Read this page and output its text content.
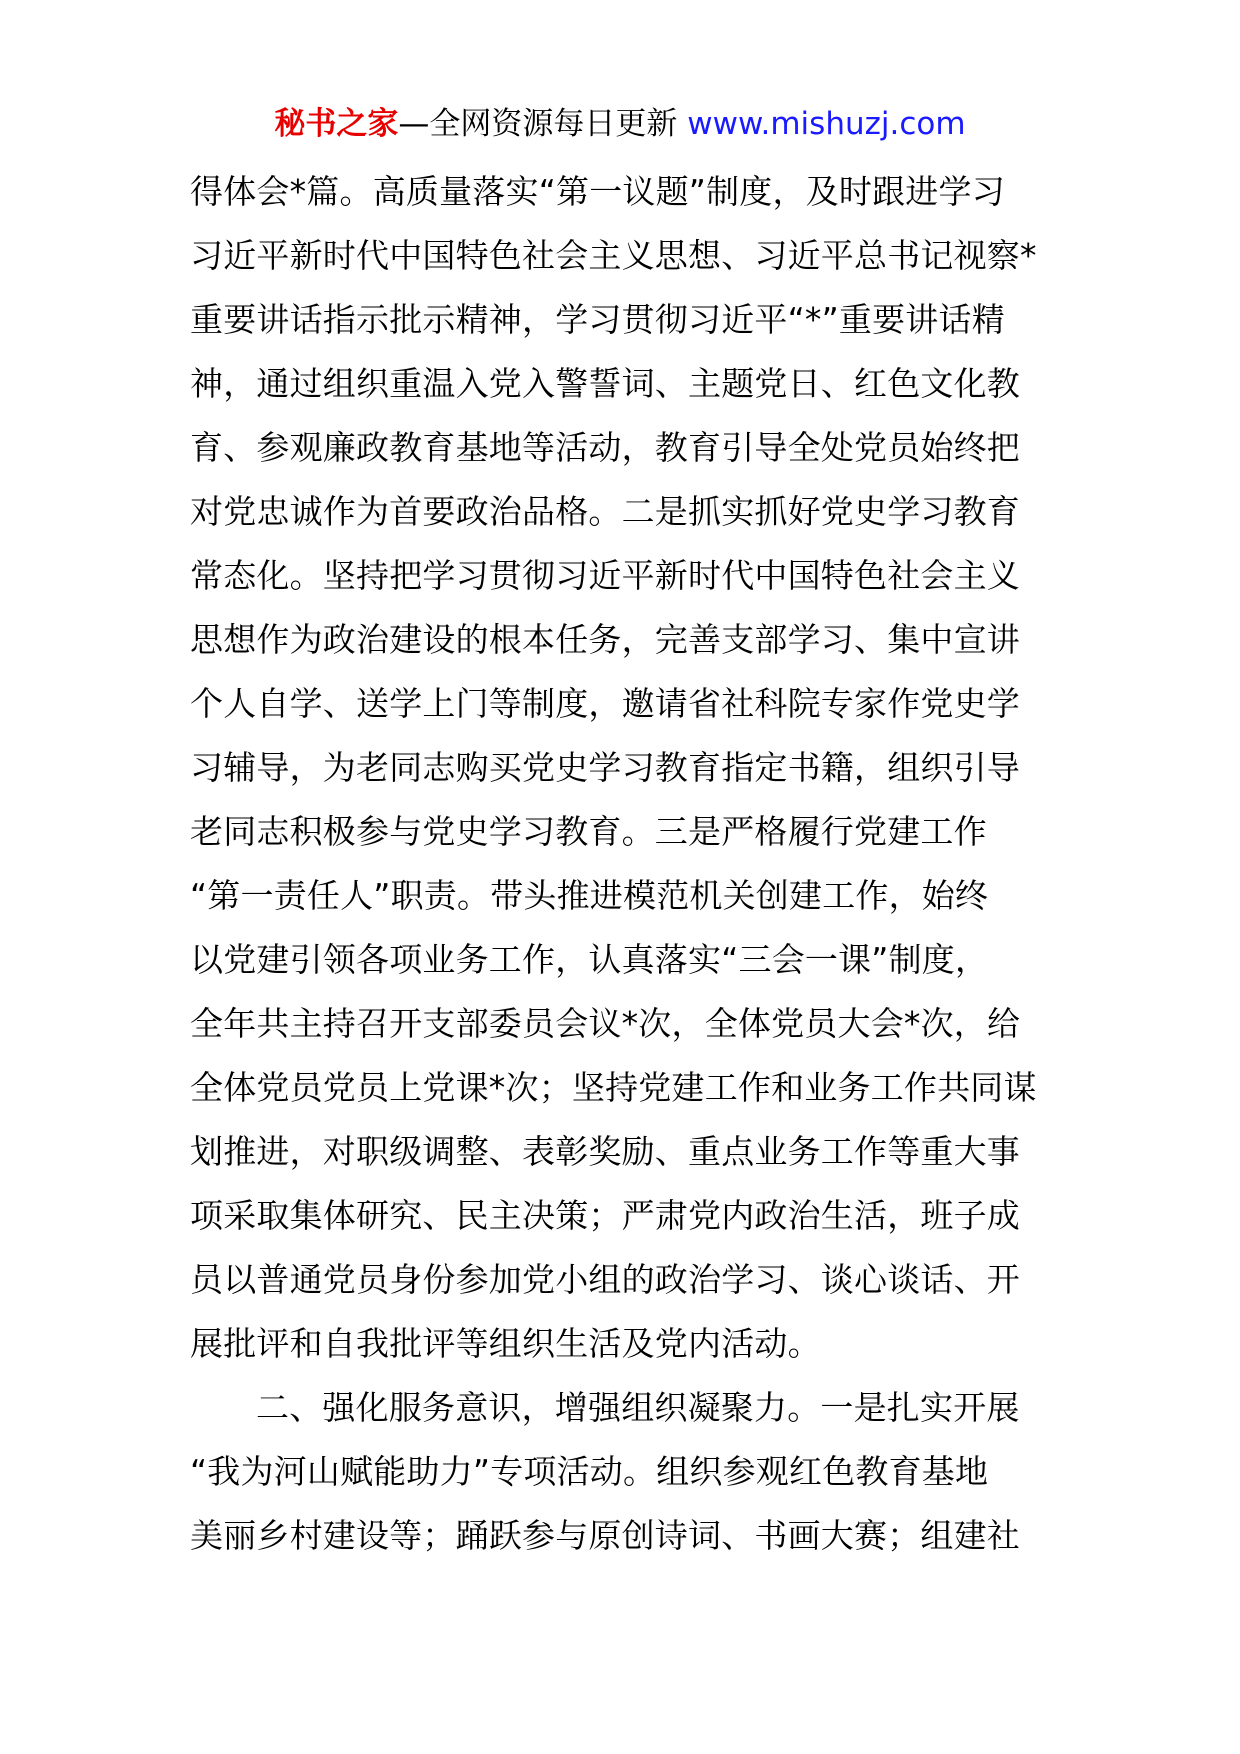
秘书之家—全网资源每日更新 www.mishuzj.com
得体会*篇。高质量落实“第一议题”制度，及时跟进学习
习近平新时代中国特色社会主义思想、习近平总书记视察*
重要讲话指示批示精神，学习贯彻习近平“*”重要讲话精
神，通过组织重温入党入警誓词、主题党日、红色文化教
育、参观廉政教育基地等活动，教育引导全处党员始终把
对党忠诚作为首要政治品格。二是抓实抓好党史学习教育
常态化。坚持把学习贯彻习近平新时代中国特色社会主义
思想作为政治建设的根本任务，完善支部学习、集中宣讲
个人自学、送学上门等制度，邀请省社科院专家作党史学
习辅导，为老同志购买党史学习教育指定书籍，组织引导
老同志积极参与党史学习教育。三是严格履行党建工作
“第一责任人”职责。带头推进模范机关创建工作，始终
以党建引领各项业务工作，认真落实“三会一课”制度，
全年共主持召开支部委员会议*次，全体党员大会*次，给
全体党员党员上党课*次；坚持党建工作和业务工作共同谋
划推进，对职级调整、表彰奖励、重点业务工作等重大事
项采取集体研究、民主决策；严肃党内政治生活，班子成
员以普通党员身份参加党小组的政治学习、谈心谈话、开
展批评和自我批评等组织生活及党内活动。
二、强化服务意识，增强组织凝聚力。一是扎实开展
“我为河山赋能助力”专项活动。组织参观红色教育基地
美丽乡村建设等；踊跃参与原创诗词、书画大赛；组建社
